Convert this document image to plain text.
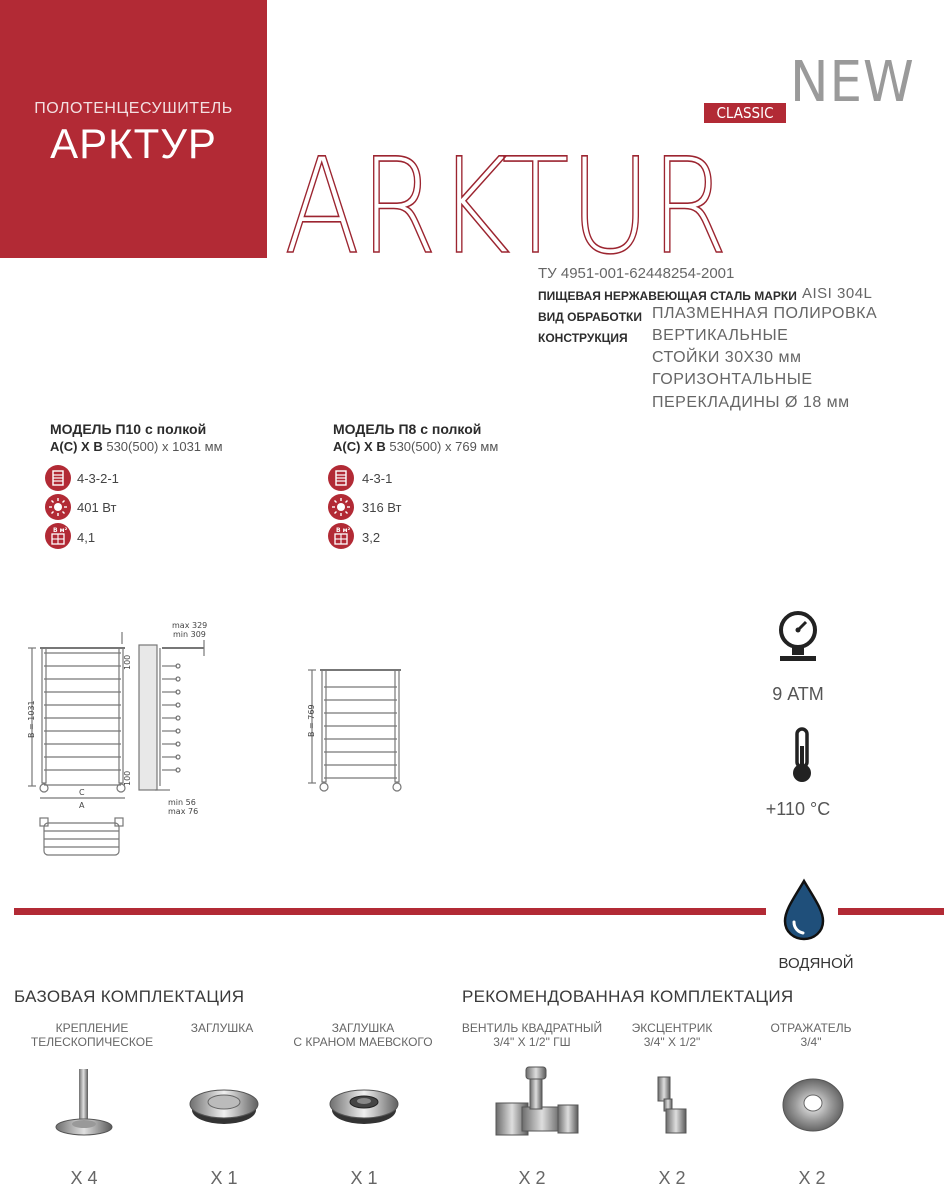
ПОЛОТЕНЦЕСУШИТЕЛЬ
АРКТУР
NEW
CLASSIC
ARKTUR
ТУ 4951-001-62448254-2001
ПИЩЕВАЯ НЕРЖАВЕЮЩАЯ СТАЛЬ МАРКИ AISI 304L
ВИД ОБРАБОТКИ ПЛАЗМЕННАЯ ПОЛИРОВКА
КОНСТРУКЦИЯ ВЕРТИКАЛЬНЫЕ
СТОЙКИ 30Х30 мм
ГОРИЗОНТАЛЬНЫЕ
ПЕРЕКЛАДИНЫ Ø 18 мм
МОДЕЛЬ П10 с полкой
А(С) Х В 530(500) х 1031 мм
МОДЕЛЬ П8 с полкой
А(С) Х В 530(500) х 769 мм
4-3-2-1
401 Вт
В м² 4,1
4-3-1
316 Вт
В м² 3,2
max 329
min 309
min 56
max 76
C
A
B = 1031
100
100
B = 769
9 АТМ
+110 °C
ВОДЯНОЙ
БАЗОВАЯ КОМПЛЕКТАЦИЯ	РЕКОМЕНДОВАННАЯ КОМПЛЕКТАЦИЯ
КРЕПЛЕНИЕ
ТЕЛЕСКОПИЧЕСКОЕ
ЗАГЛУШКА	ЗАГЛУШКА
С КРАНОМ МАЕВСКОГО
ВЕНТИЛЬ КВАДРАТНЫЙ
3/4" Х 1/2" ГШ
ЭКСЦЕНТРИК
3/4" Х 1/2"
ОТРАЖАТЕЛЬ
3/4"
X 4	X 1	X 1	X 2	X 2	X 2
